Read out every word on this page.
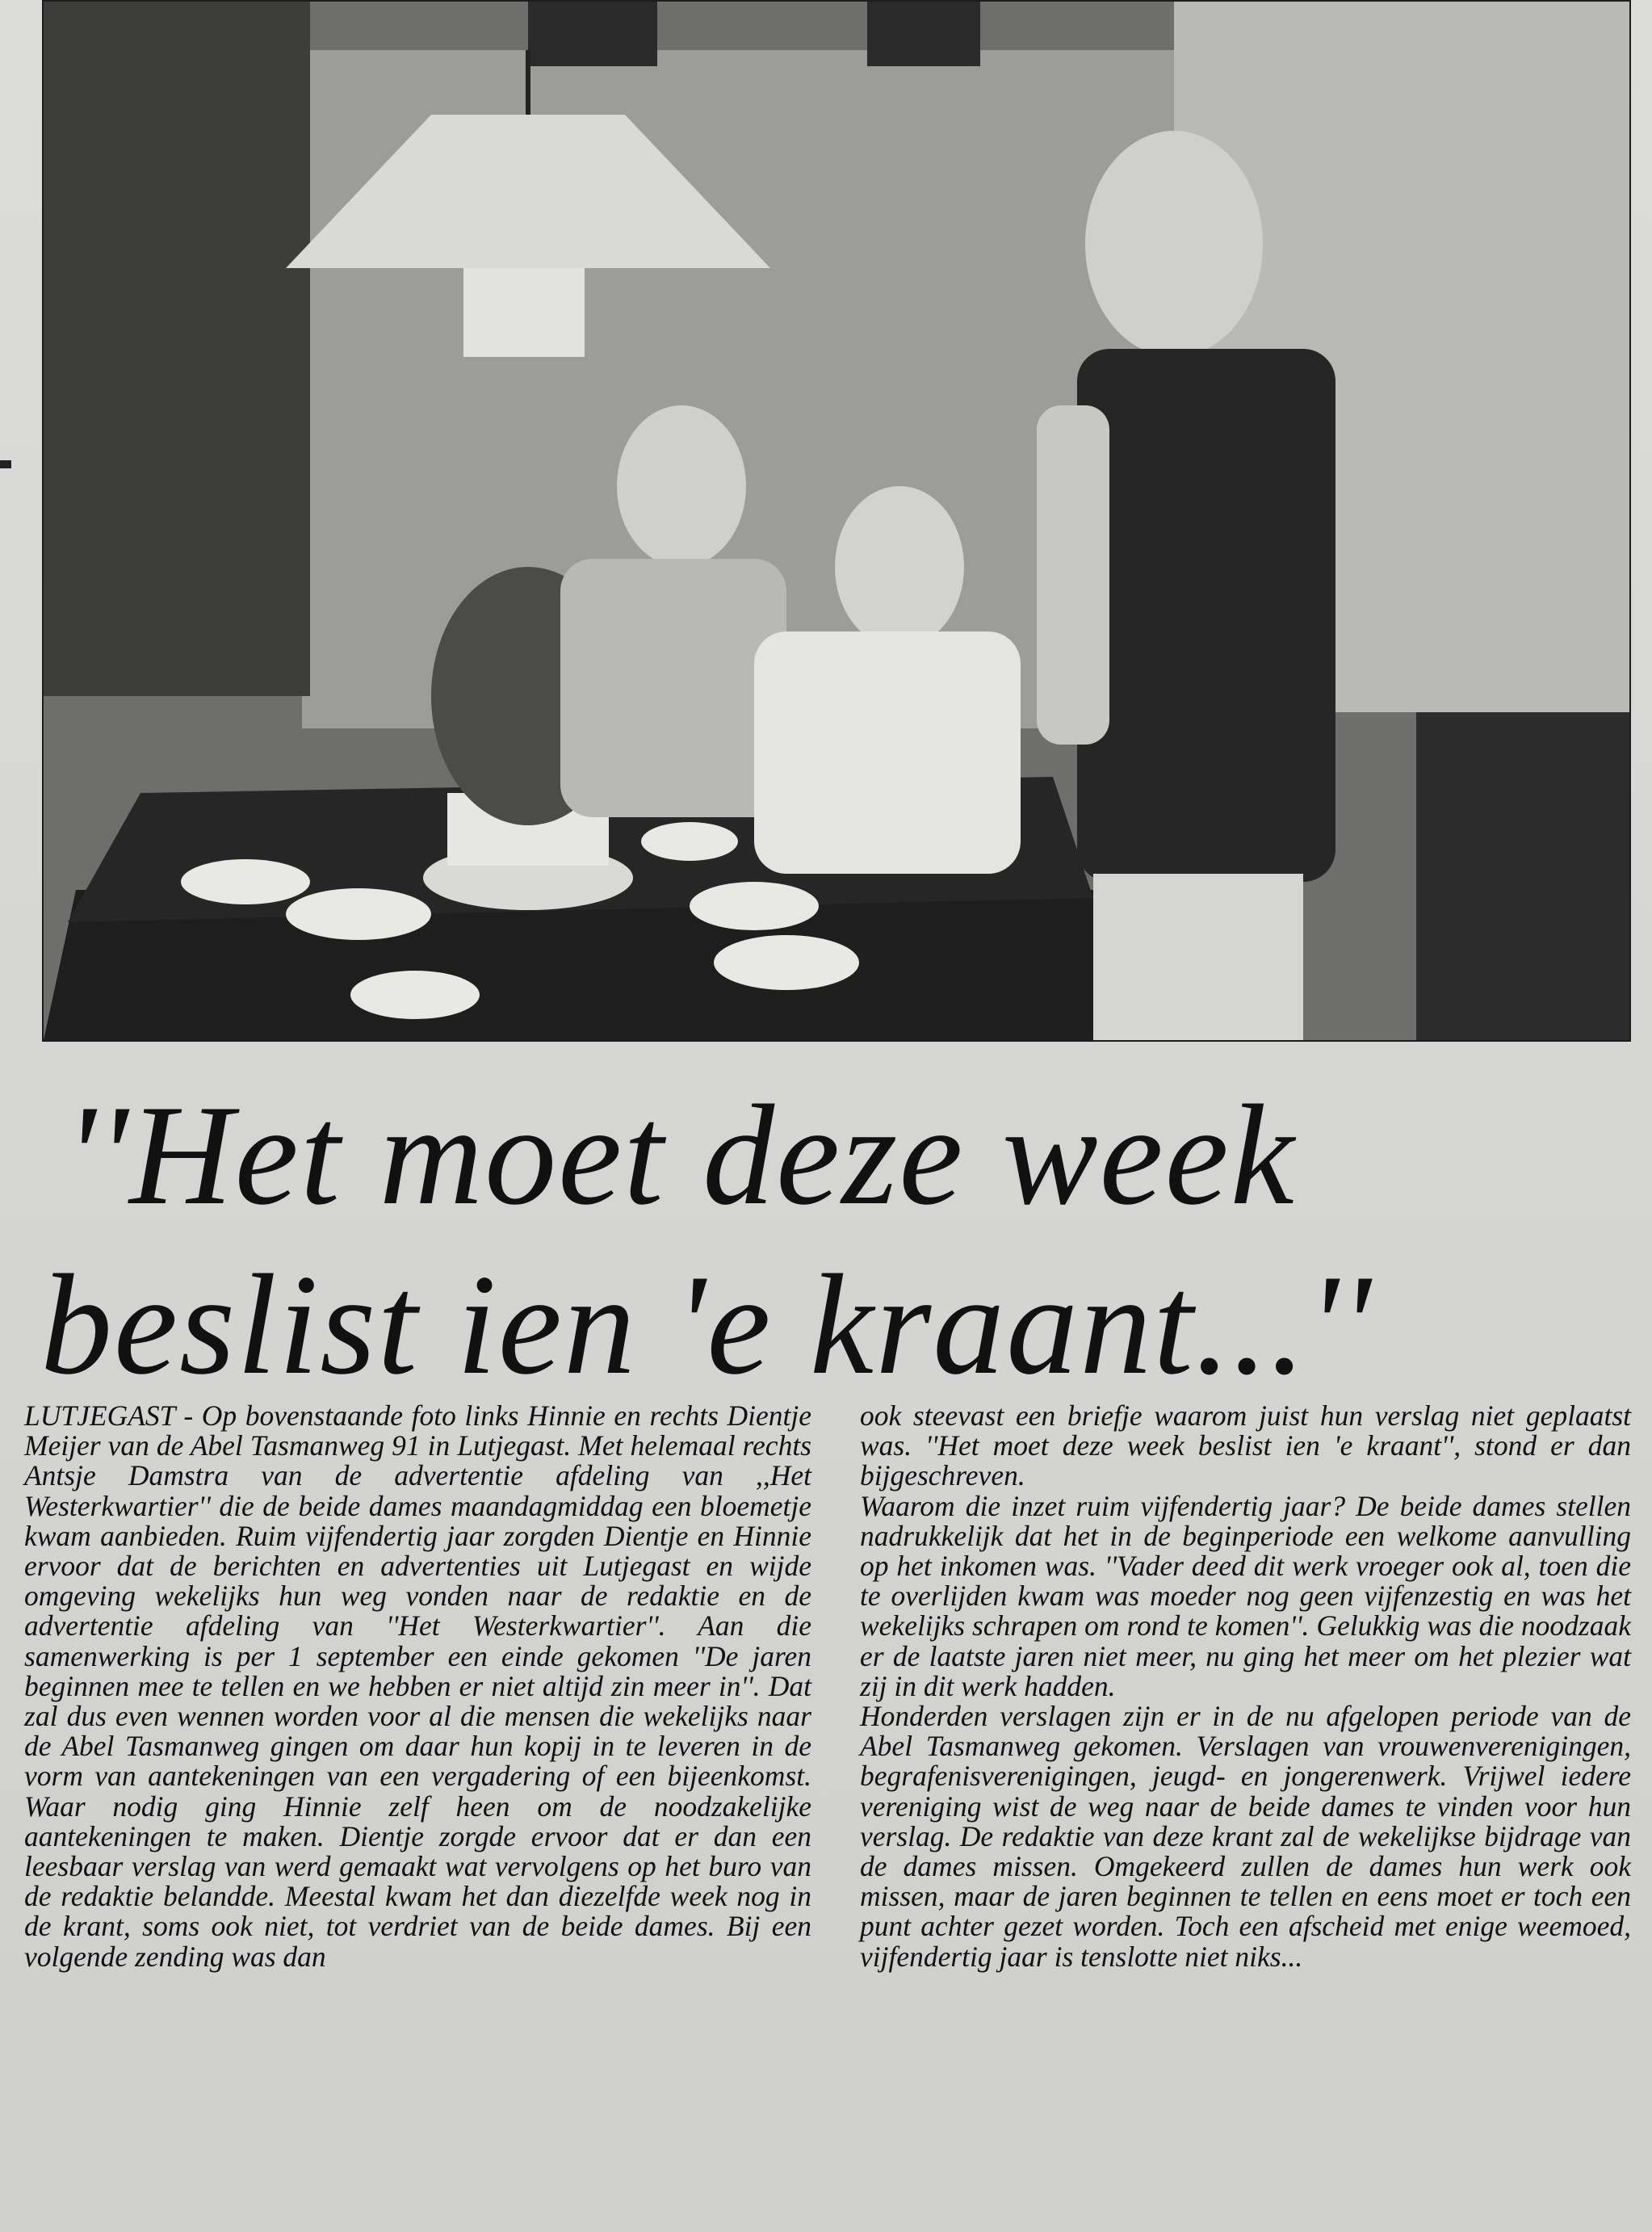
''Het moet deze week
beslist ien 'e kraant...''

LUTJEGAST - Op bovenstaande foto links Hinnie en rechts Dientje Meijer van de Abel Tasmanweg 91 in Lutjegast. Met helemaal rechts Antsje Damstra van de advertentie afdeling van ,,Het Westerkwartier'' die de beide dames maandagmiddag een bloemetje kwam aanbieden. Ruim vijfendertig jaar zorgden Dientje en Hinnie ervoor dat de berichten en advertenties uit Lutjegast en wijde omgeving wekelijks hun weg vonden naar de redaktie en de advertentie afdeling van ''Het Westerkwartier''. Aan die samenwerking is per 1 september een einde gekomen ''De jaren beginnen mee te tellen en we hebben er niet altijd zin meer in''. Dat zal dus even wennen worden voor al die mensen die wekelijks naar de Abel Tasmanweg gingen om daar hun kopij in te leveren in de vorm van aantekeningen van een vergadering of een bijeenkomst. Waar nodig ging Hinnie zelf heen om de noodzakelijke aantekeningen te maken. Dientje zorgde ervoor dat er dan een leesbaar verslag van werd gemaakt wat vervolgens op het buro van de redaktie belandde. Meestal kwam het dan diezelfde week nog in de krant, soms ook niet, tot verdriet van de beide dames. Bij een volgende zending was dan

ook steevast een briefje waarom juist hun verslag niet geplaatst was. ''Het moet deze week beslist ien 'e kraant'', stond er dan bijgeschreven.

Waarom die inzet ruim vijfendertig jaar? De beide dames stellen nadrukkelijk dat het in de beginperiode een welkome aanvulling op het inkomen was. ''Vader deed dit werk vroeger ook al, toen die te overlijden kwam was moeder nog geen vijfenzestig en was het wekelijks schrapen om rond te komen''. Gelukkig was die noodzaak er de laatste jaren niet meer, nu ging het meer om het plezier wat zij in dit werk hadden.

Honderden verslagen zijn er in de nu afgelopen periode van de Abel Tasmanweg gekomen. Verslagen van vrouwenverenigingen, begrafenisverenigingen, jeugd- en jongerenwerk. Vrijwel iedere vereniging wist de weg naar de beide dames te vinden voor hun verslag. De redaktie van deze krant zal de wekelijkse bijdrage van de dames missen. Omgekeerd zullen de dames hun werk ook missen, maar de jaren beginnen te tellen en eens moet er toch een punt achter gezet worden. Toch een afscheid met enige weemoed, vijfendertig jaar is tenslotte niet niks...
